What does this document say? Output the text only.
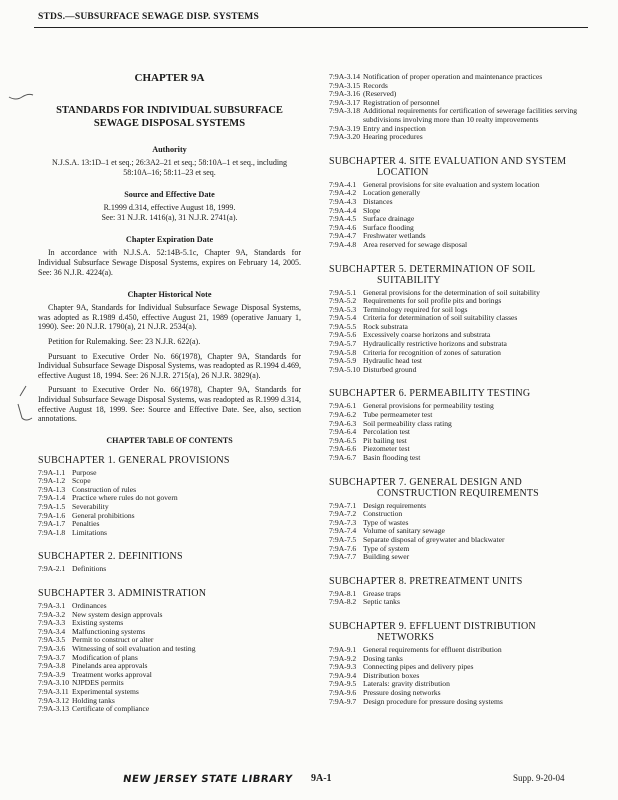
STDS.—SUBSURFACE SEWAGE DISP. SYSTEMS
CHAPTER 9A
STANDARDS FOR INDIVIDUAL SUBSURFACE
SEWAGE DISPOSAL SYSTEMS
Authority
N.J.S.A. 13:1D–1 et seq.; 26:3A2–21 et seq.; 58:10A–1 et seq., including 58:10A–16; 58:11–23 et seq.
Source and Effective Date
R.1999 d.314, effective August 18, 1999.
See: 31 N.J.R. 1416(a), 31 N.J.R. 2741(a).
Chapter Expiration Date
In accordance with N.J.S.A. 52:14B-5.1c, Chapter 9A, Standards for Individual Subsurface Sewage Disposal Systems, expires on February 14, 2005. See: 36 N.J.R. 4224(a).
Chapter Historical Note
Chapter 9A, Standards for Individual Subsurface Sewage Disposal Systems, was adopted as R.1989 d.450, effective August 21, 1989 (operative January 1, 1990). See: 20 N.J.R. 1790(a), 21 N.J.R. 2534(a).
Petition for Rulemaking. See: 23 N.J.R. 622(a).
Pursuant to Executive Order No. 66(1978), Chapter 9A, Standards for Individual Subsurface Sewage Disposal Systems, was readopted as R.1994 d.469, effective August 18, 1994. See: 26 N.J.R. 2715(a), 26 N.J.R. 3829(a).
Pursuant to Executive Order No. 66(1978), Chapter 9A, Standards for Individual Subsurface Sewage Disposal Systems, was readopted as R.1999 d.314, effective August 18, 1999. See: Source and Effective Date. See, also, section annotations.
CHAPTER TABLE OF CONTENTS
SUBCHAPTER 1. GENERAL PROVISIONS
7:9A-1.1 Purpose
7:9A-1.2 Scope
7:9A-1.3 Construction of rules
7:9A-1.4 Practice where rules do not govern
7:9A-1.5 Severability
7:9A-1.6 General prohibitions
7:9A-1.7 Penalties
7:9A-1.8 Limitations
SUBCHAPTER 2. DEFINITIONS
7:9A-2.1 Definitions
SUBCHAPTER 3. ADMINISTRATION
7:9A-3.1 Ordinances
7:9A-3.2 New system design approvals
7:9A-3.3 Existing systems
7:9A-3.4 Malfunctioning systems
7:9A-3.5 Permit to construct or alter
7:9A-3.6 Witnessing of soil evaluation and testing
7:9A-3.7 Modification of plans
7:9A-3.8 Pinelands area approvals
7:9A-3.9 Treatment works approval
7:9A-3.10 NJPDES permits
7:9A-3.11 Experimental systems
7:9A-3.12 Holding tanks
7:9A-3.13 Certificate of compliance
7:9A-3.14 Notification of proper operation and maintenance practices
7:9A-3.15 Records
7:9A-3.16 (Reserved)
7:9A-3.17 Registration of personnel
7:9A-3.18 Additional requirements for certification of sewerage facilities serving subdivisions involving more than 10 realty improvements
7:9A-3.19 Entry and inspection
7:9A-3.20 Hearing procedures
SUBCHAPTER 4. SITE EVALUATION AND SYSTEM
LOCATION
7:9A-4.1 General provisions for site evaluation and system location
7:9A-4.2 Location generally
7:9A-4.3 Distances
7:9A-4.4 Slope
7:9A-4.5 Surface drainage
7:9A-4.6 Surface flooding
7:9A-4.7 Freshwater wetlands
7:9A-4.8 Area reserved for sewage disposal
SUBCHAPTER 5. DETERMINATION OF SOIL
SUITABILITY
7:9A-5.1 General provisions for the determination of soil suitability
7:9A-5.2 Requirements for soil profile pits and borings
7:9A-5.3 Terminology required for soil logs
7:9A-5.4 Criteria for determination of soil suitability classes
7:9A-5.5 Rock substrata
7:9A-5.6 Excessively coarse horizons and substrata
7:9A-5.7 Hydraulically restrictive horizons and substrata
7:9A-5.8 Criteria for recognition of zones of saturation
7:9A-5.9 Hydraulic head test
7:9A-5.10 Disturbed ground
SUBCHAPTER 6. PERMEABILITY TESTING
7:9A-6.1 General provisions for permeability testing
7:9A-6.2 Tube permeameter test
7:9A-6.3 Soil permeability class rating
7:9A-6.4 Percolation test
7:9A-6.5 Pit bailing test
7:9A-6.6 Piezometer test
7:9A-6.7 Basin flooding test
SUBCHAPTER 7. GENERAL DESIGN AND
CONSTRUCTION REQUIREMENTS
7:9A-7.1 Design requirements
7:9A-7.2 Construction
7:9A-7.3 Type of wastes
7:9A-7.4 Volume of sanitary sewage
7:9A-7.5 Separate disposal of greywater and blackwater
7:9A-7.6 Type of system
7:9A-7.7 Building sewer
SUBCHAPTER 8. PRETREATMENT UNITS
7:9A-8.1 Grease traps
7:9A-8.2 Septic tanks
SUBCHAPTER 9. EFFLUENT DISTRIBUTION
NETWORKS
7:9A-9.1 General requirements for effluent distribution
7:9A-9.2 Dosing tanks
7:9A-9.3 Connecting pipes and delivery pipes
7:9A-9.4 Distribution boxes
7:9A-9.5 Laterals: gravity distribution
7:9A-9.6 Pressure dosing networks
7:9A-9.7 Design procedure for pressure dosing systems
NEW JERSEY STATE LIBRARY 9A-1	Supp. 9-20-04
